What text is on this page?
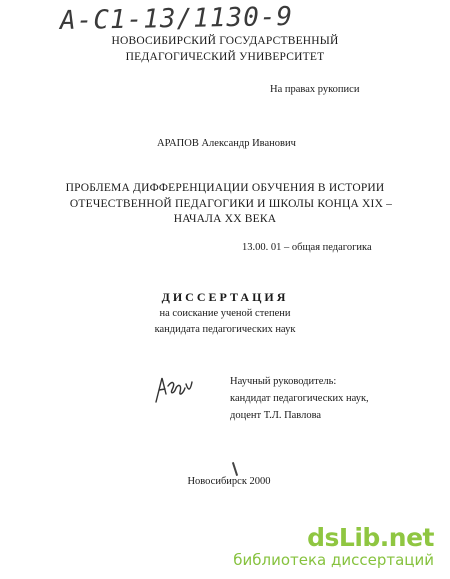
А-С1-13/1130-9
НОВОСИБИРСКИЙ ГОСУДАРСТВЕННЫЙ
ПЕДАГОГИЧЕСКИЙ УНИВЕРСИТЕТ
На правах рукописи
АРАПОВ Александр Иванович
ПРОБЛЕМА ДИФФЕРЕНЦИАЦИИ ОБУЧЕНИЯ В ИСТОРИИ
ОТЕЧЕСТВЕННОЙ ПЕДАГОГИКИ И ШКОЛЫ КОНЦА XIX –
НАЧАЛА XX ВЕКА
13.00. 01 – общая педагогика
ДИССЕРТАЦИЯ
на соискание ученой степени
кандидата педагогических наук
Научный руководитель:
кандидат педагогических наук,
доцент Т.Л. Павлова
Новосибирск 2000
dsLib.net
библиотека диссертаций
